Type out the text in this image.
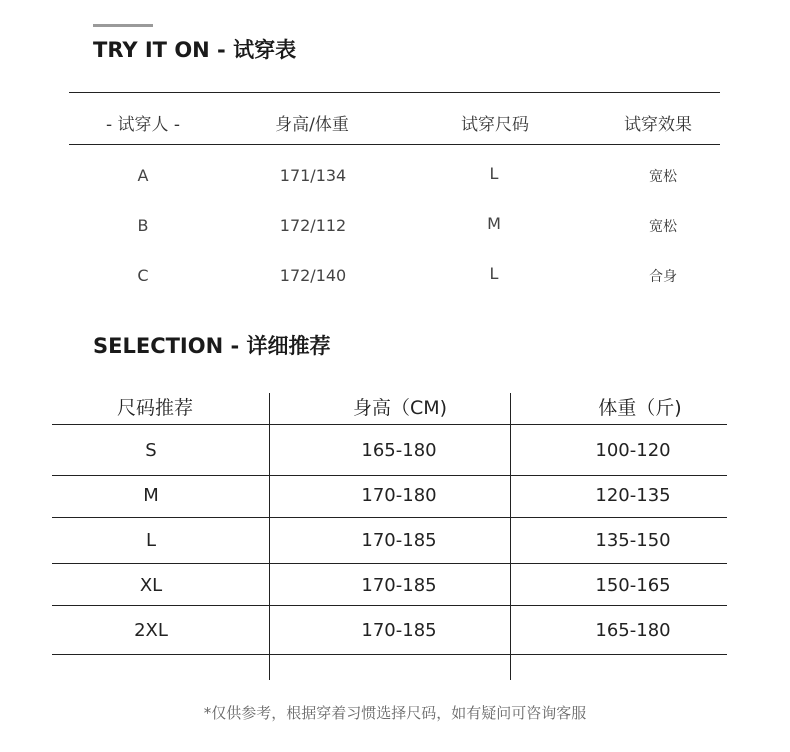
TRY IT ON - 试穿表
- 试穿人 -	身高/体重	试穿尺码	试穿效果
A	171/134	L	宽松
B	172/112	M	宽松
C	172/140	L	合身
SELECTION - 详细推荐
尺码推荐	身高（CM)	体重（斤)
S	165-180	100-120
M	170-180	120-135
L	170-185	135-150
XL	170-185	150-165
2XL	170-185	165-180
*仅供参考，根据穿着习惯选择尺码，如有疑问可咨询客服
